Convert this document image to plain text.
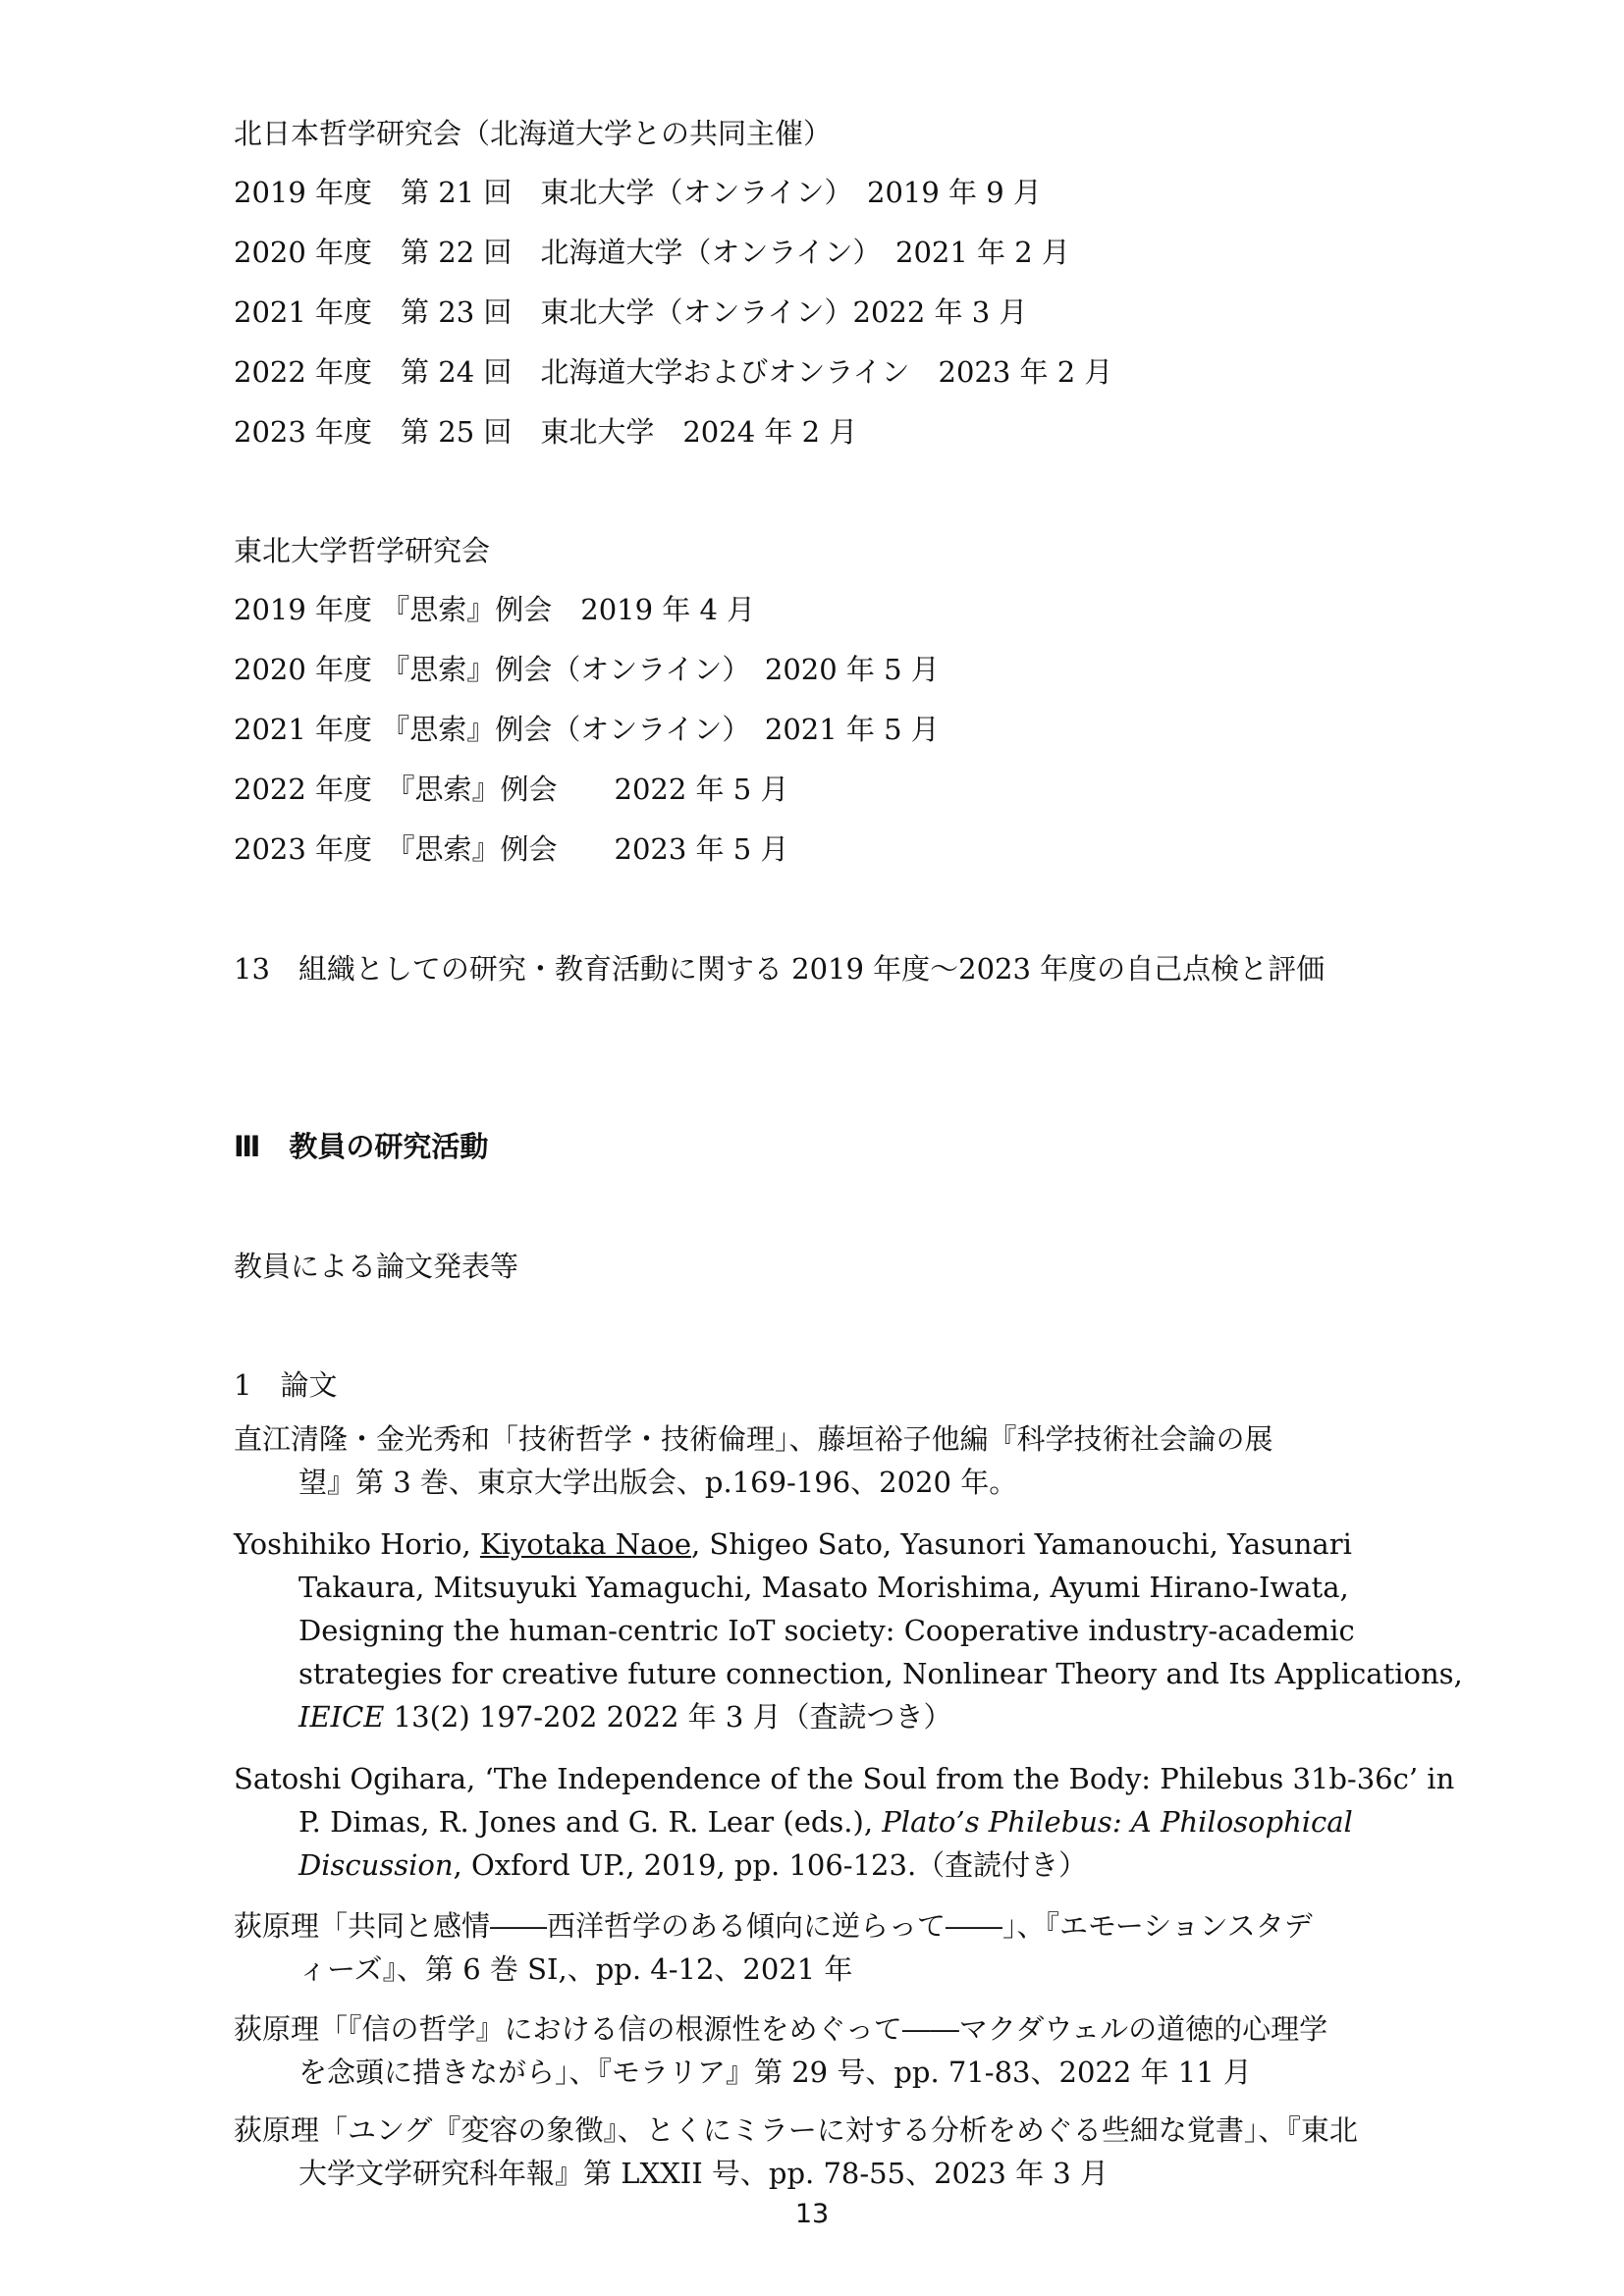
北日本哲学研究会（北海道大学との共同主催）
2019 年度　第 21 回　東北大学（オンライン）　2019 年 9 月
2020 年度　第 22 回　北海道大学（オンライン）　2021 年 2 月
2021 年度　第 23 回　東北大学（オンライン）2022 年 3 月
2022 年度　第 24 回　北海道大学およびオンライン　2023 年 2 月
2023 年度　第 25 回　東北大学　2024 年 2 月
東北大学哲学研究会
2019 年度 『思索』例会　2019 年 4 月
2020 年度 『思索』例会（オンライン）　2020 年 5 月
2021 年度 『思索』例会（オンライン）　2021 年 5 月
2022 年度　『思索』例会　　2022 年 5 月
2023 年度　『思索』例会　　2023 年 5 月
13　組織としての研究・教育活動に関する 2019 年度～2023 年度の自己点検と評価
Ⅲ　教員の研究活動
教員による論文発表等
1　論文
直江清隆・金光秀和「技術哲学・技術倫理」、藤垣裕子他編『科学技術社会論の展
望』第 3 巻、東京大学出版会、p.169-196、2020 年。
Yoshihiko Horio, Kiyotaka Naoe, Shigeo Sato, Yasunori Yamanouchi, Yasunari
Takaura, Mitsuyuki Yamaguchi, Masato Morishima, Ayumi Hirano-Iwata,
Designing the human-centric IoT society: Cooperative industry-academic
strategies for creative future connection, Nonlinear Theory and Its Applications,
IEICE 13(2) 197-202 2022 年 3 月（査読つき）
Satoshi Ogihara, ‘The Independence of the Soul from the Body: Philebus 31b-36c’ in
P. Dimas, R. Jones and G. R. Lear (eds.), Plato’s Philebus: A Philosophical
Discussion, Oxford UP., 2019, pp. 106-123.（査読付き）
荻原理「共同と感情――西洋哲学のある傾向に逆らって――」、『エモーションスタデ
ィーズ』、第 6 巻 SI,、pp. 4-12、2021 年
荻原理「『信の哲学』における信の根源性をめぐって――マクダウェルの道徳的心理学
を念頭に措きながら」、『モラリア』第 29 号、pp. 71-83、2022 年 11 月
荻原理「ユング『変容の象徴』、とくにミラーに対する分析をめぐる些細な覚書」、『東北
大学文学研究科年報』第 LXXII 号、pp. 78-55、2023 年 3 月
13
